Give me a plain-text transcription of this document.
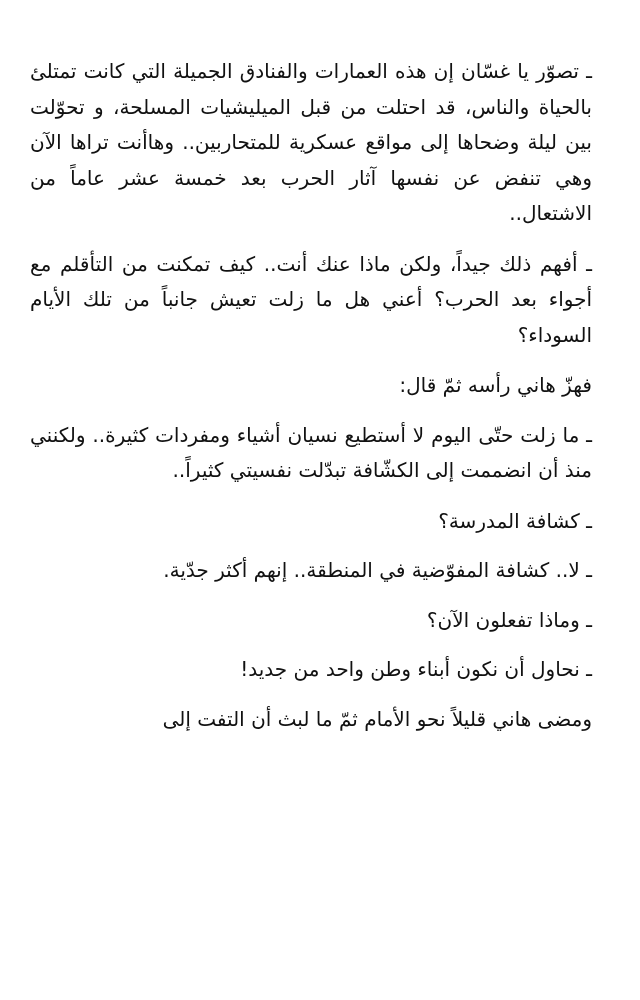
ـ تصوّر يا غسّان إن هذه العمارات والفنادق الجميلة التي كانت تمتلئ بالحياة والناس، قد احتلت من قبل الميليشيات المسلحة، و تحوّلت بين ليلة وضحاها إلى مواقع عسكرية للمتحاربين.. وهاأنت تراها الآن وهي تنفض عن نفسها آثار الحرب بعد خمسة عشر عاماً من الاشتعال..

ـ أفهم ذلك جيداً، ولكن ماذا عنك أنت.. كيف تمكنت من التأقلم مع أجواء بعد الحرب؟ أعني هل ما زلت تعيش جانباً من تلك الأيام السوداء؟

فهزّ هاني رأسه ثمّ قال:

ـ ما زلت حتّى اليوم لا أستطيع نسيان أشياء ومفردات كثيرة.. ولكنني منذ أن انضممت إلى الكشّافة تبدّلت نفسيتي كثيراً..

ـ كشافة المدرسة؟

ـ لا.. كشافة المفوّضية في المنطقة.. إنهم أكثر جدّية.

ـ وماذا تفعلون الآن؟

ـ نحاول أن نكون أبناء وطن واحد من جديد!

ومضى هاني قليلاً نحو الأمام ثمّ ما لبث أن التفت إلى
